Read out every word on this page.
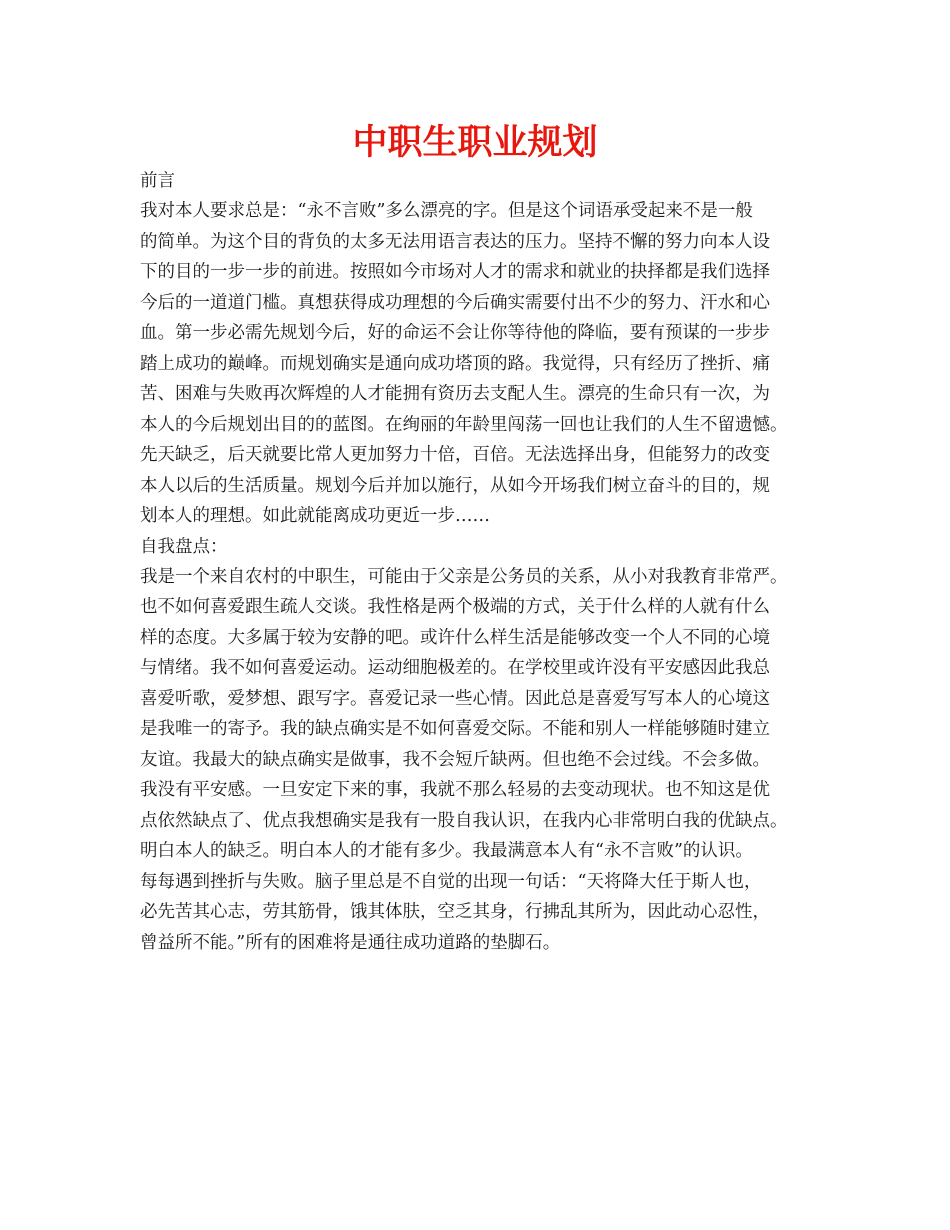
中职生职业规划
前言
我对本人要求总是：“永不言败”多么漂亮的字。但是这个词语承受起来不是一般
的简单。为这个目的背负的太多无法用语言表达的压力。坚持不懈的努力向本人设
下的目的一步一步的前进。按照如今市场对人才的需求和就业的抉择都是我们选择
今后的一道道门槛。真想获得成功理想的今后确实需要付出不少的努力、汗水和心
血。第一步必需先规划今后，好的命运不会让你等待他的降临，要有预谋的一步步
踏上成功的巅峰。而规划确实是通向成功塔顶的路。我觉得，只有经历了挫折、痛
苦、困难与失败再次辉煌的人才能拥有资历去支配人生。漂亮的生命只有一次，为
本人的今后规划出目的的蓝图。在绚丽的年龄里闯荡一回也让我们的人生不留遗憾。
先天缺乏，后天就要比常人更加努力十倍，百倍。无法选择出身，但能努力的改变
本人以后的生活质量。规划今后并加以施行，从如今开场我们树立奋斗的目的，规
划本人的理想。如此就能离成功更近一步……
自我盘点：
我是一个来自农村的中职生，可能由于父亲是公务员的关系，从小对我教育非常严。
也不如何喜爱跟生疏人交谈。我性格是两个极端的方式，关于什么样的人就有什么
样的态度。大多属于较为安静的吧。或许什么样生活是能够改变一个人不同的心境
与情绪。我不如何喜爱运动。运动细胞极差的。在学校里或许没有平安感因此我总
喜爱听歌，爱梦想、跟写字。喜爱记录一些心情。因此总是喜爱写写本人的心境这
是我唯一的寄予。我的缺点确实是不如何喜爱交际。不能和别人一样能够随时建立
友谊。我最大的缺点确实是做事，我不会短斤缺两。但也绝不会过线。不会多做。
我没有平安感。一旦安定下来的事，我就不那么轻易的去变动现状。也不知这是优
点依然缺点了、优点我想确实是我有一股自我认识，在我内心非常明白我的优缺点。
明白本人的缺乏。明白本人的才能有多少。我最满意本人有“永不言败”的认识。
每每遇到挫折与失败。脑子里总是不自觉的出现一句话：“天将降大任于斯人也，
必先苦其心志，劳其筋骨，饿其体肤，空乏其身，行拂乱其所为，因此动心忍性，
曾益所不能。”所有的困难将是通往成功道路的垫脚石。
